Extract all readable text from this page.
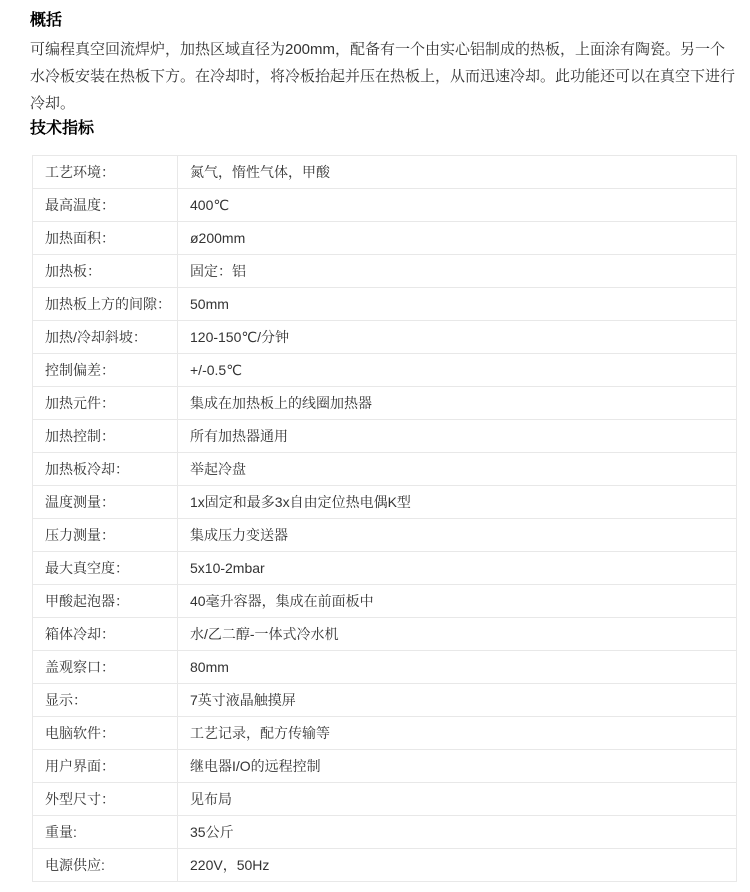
概括

可编程真空回流焊炉，加热区域直径为200mm，配备有一个由实心铝制成的热板，上面涂有陶瓷。另一个水冷板安装在热板下方。在冷却时，将冷板抬起并压在热板上，从而迅速冷却。此功能还可以在真空下进行冷却。

技术指标
工艺环境：	氮气，惰性气体，甲酸
最高温度：	400℃
加热面积：	ø200mm
加热板：	固定：铝
加热板上方的间隙：	50mm
加热/冷却斜坡：	120-150℃/分钟
控制偏差：	+/-0.5℃
加热元件：	集成在加热板上的线圈加热器
加热控制：	所有加热器通用
加热板冷却：	举起冷盘
温度测量：	1x固定和最多3x自由定位热电偶K型
压力测量：	集成压力变送器
最大真空度：	5x10-2mbar
甲酸起泡器：	40毫升容器，集成在前面板中
箱体冷却：	水/乙二醇-一体式冷水机
盖观察口：	80mm
显示：	7英寸液晶触摸屏
电脑软件：	工艺记录，配方传输等
用户界面：	继电器I/O的远程控制
外型尺寸：	见布局
重量:	35公斤
电源供应:	220V，50Hz
